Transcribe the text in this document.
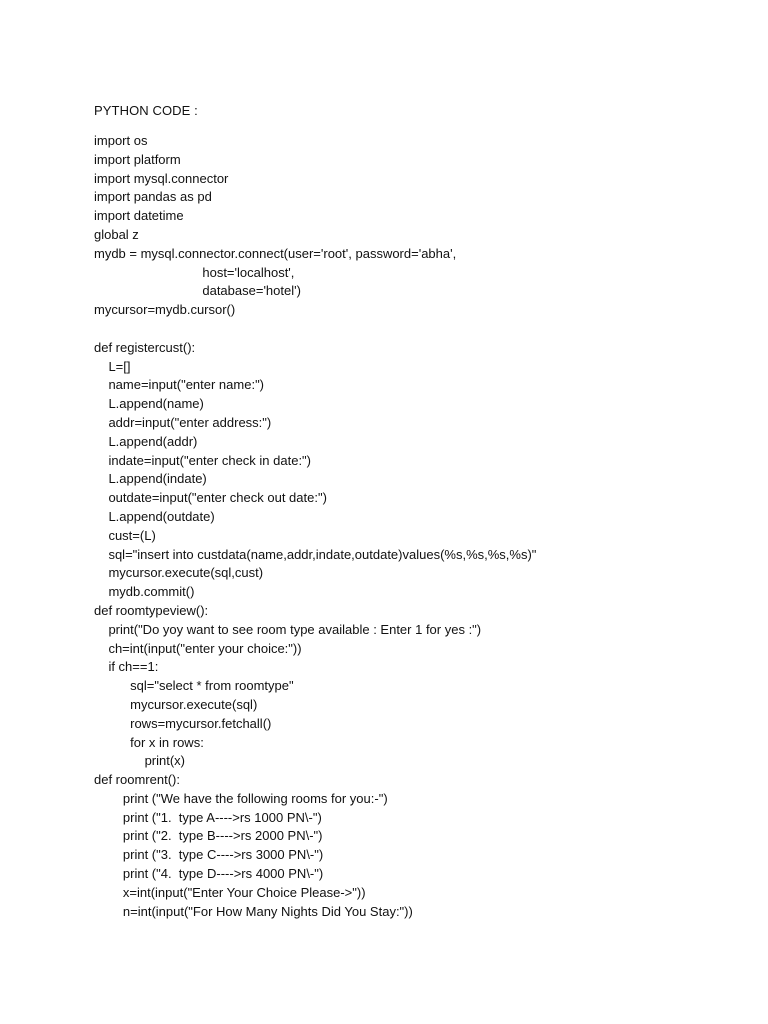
PYTHON CODE :
import os
import platform
import mysql.connector
import pandas as pd
import datetime
global z
mydb = mysql.connector.connect(user='root', password='abha',
host='localhost',
database='hotel')
mycursor=mydb.cursor()
def registercust():
L=[]
name=input("enter name:")
L.append(name)
addr=input("enter address:")
L.append(addr)
indate=input("enter check in date:")
L.append(indate)
outdate=input("enter check out date:")
L.append(outdate)
cust=(L)
sql="insert into custdata(name,addr,indate,outdate)values(%s,%s,%s,%s)"
mycursor.execute(sql,cust)
mydb.commit()
def roomtypeview():
print("Do yoy want to see room type available : Enter 1 for yes :")
ch=int(input("enter your choice:"))
if ch==1:
sql="select * from roomtype"
mycursor.execute(sql)
rows=mycursor.fetchall()
for x in rows:
print(x)
def roomrent():
print ("We have the following rooms for you:-")
print ("1.  type A---->rs 1000 PN\-")
print ("2.  type B---->rs 2000 PN\-")
print ("3.  type C---->rs 3000 PN\-")
print ("4.  type D---->rs 4000 PN\-")
x=int(input("Enter Your Choice Please->"))
n=int(input("For How Many Nights Did You Stay:"))
